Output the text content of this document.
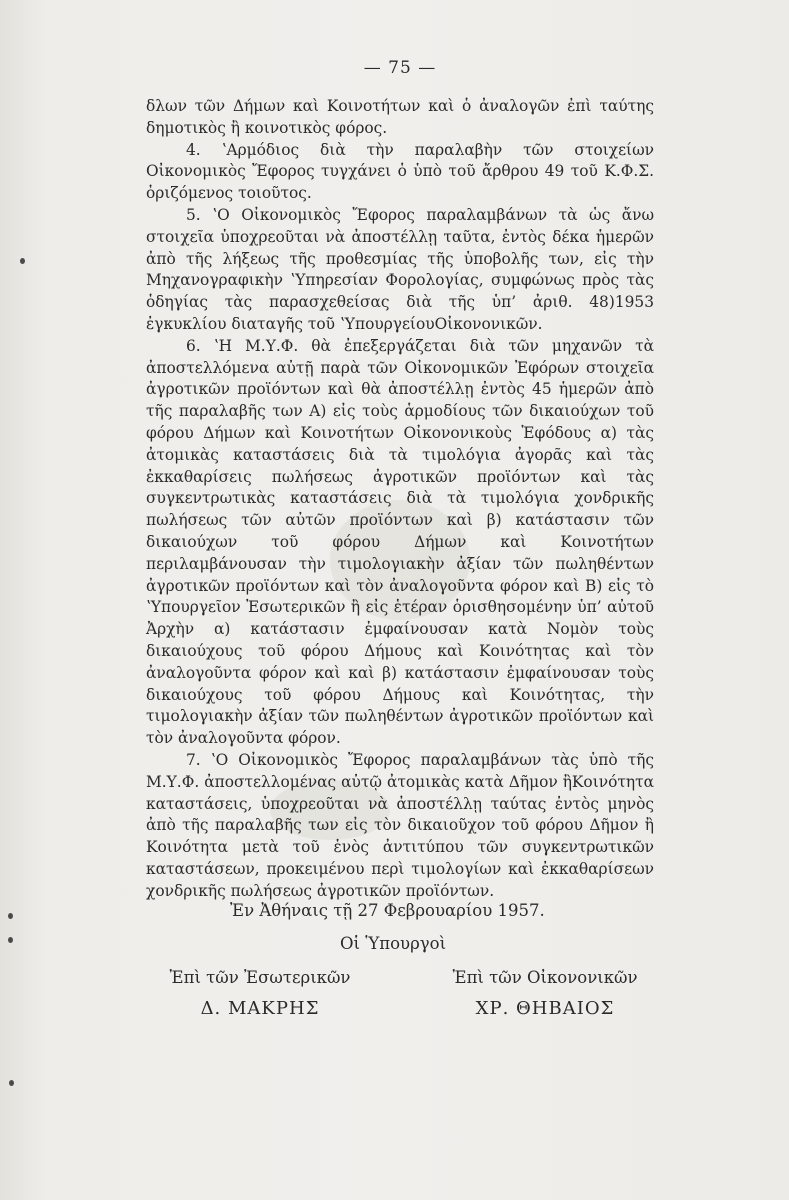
— 75 —

δλων τῶν Δήμων καὶ Κοινοτήτων καὶ ὁ ἀναλογῶν ἐπὶ ταύτης δημοτικὸς ἢ κοινοτικὸς φόρος.

4. ʽΑρμόδιος διὰ τὴν παραλαβὴν τῶν στοιχείων Οἰκονομικὸς Ἔφορος τυγχάνει ὁ ὑπὸ τοῦ ἄρθρου 49 τοῦ Κ.Φ.Σ. ὁριζόμενος τοιοῦτος.

5. ʽΟ Οἰκονομικὸς Ἔφορος παραλαμβάνων τὰ ὡς ἄνω στοιχεῖα ὑποχρεοῦται νὰ ἀποστέλλῃ ταῦτα, ἐντὸς δέκα ἡμερῶν ἀπὸ τῆς λήξεως τῆς προθεσμίας τῆς ὑποβολῆς των, εἰς τὴν Μηχανογραφικὴν ʽΥπηρεσίαν Φορολογίας, συμφώνως πρὸς τὰς ὁδηγίας τὰς παρασχεθείσας διὰ τῆς ὑπ’ ἀριθ. 48)1953 ἐγκυκλίου διαταγῆς τοῦ ʽΥπουργείουΟἰκονονικῶν.

6. ʽΗ Μ.Υ.Φ. θὰ ἐπεξεργάζεται διὰ τῶν μηχανῶν τὰ ἀποστελλόμενα αὐτῇ παρὰ τῶν Οἰκονομικῶν Ἐφόρων στοιχεῖα ἀγροτικῶν προϊόντων καὶ θὰ ἀποστέλλῃ ἐντὸς 45 ἡμερῶν ἀπὸ τῆς παραλαβῆς των Α) εἰς τοὺς ἁρμοδίους τῶν δικαιούχων τοῦ φόρου Δήμων καὶ Κοινοτήτων Οἰκονονικοὺς Ἐφόδους α) τὰς ἀτομικὰς καταστάσεις διὰ τὰ τιμολόγια ἀγορᾶς καὶ τὰς ἐκκαθαρίσεις πωλήσεως ἀγροτικῶν προϊόντων καὶ τὰς συγκεντρωτικὰς καταστάσεις διὰ τὰ τιμολόγια χονδρικῆς πωλήσεως τῶν αὐτῶν προϊόντων καὶ β) κατάστασιν τῶν δικαιούχων τοῦ φόρου Δήμων καὶ Κοινοτήτων περιλαμβάνουσαν τὴν τιμολογιακὴν ἀξίαν τῶν πωληθέντων ἀγροτικῶν προϊόντων καὶ τὸν ἀναλογοῦντα φόρον καὶ Β) εἰς τὸ ʽΥπουργεῖον Ἐσωτερικῶν ἢ εἰς ἑτέραν ὁρισθησομένην ὑπ’ αὐτοῦ Ἀρχὴν α) κατάστασιν ἐμφαίνουσαν κατὰ Νομὸν τοὺς δικαιούχους τοῦ φόρου Δήμους καὶ Κοινότητας καὶ τὸν ἀναλογοῦντα φόρον καὶ καὶ β) κατάστασιν ἐμφαίνουσαν τοὺς δικαιούχους τοῦ φόρου Δήμους καὶ Κοινότητας, τὴν τιμολογιακὴν ἀξίαν τῶν πωληθέντων ἀγροτικῶν προϊόντων καὶ τὸν ἀναλογοῦντα φόρον.

7. ʽΟ Οἰκονομικὸς Ἔφορος παραλαμβάνων τὰς ὑπὸ τῆς Μ.Υ.Φ. ἀποστελλομένας αὐτῷ ἀτομικὰς κατὰ Δῆμον ἢΚοινότητα καταστάσεις, ὑποχρεοῦται νὰ ἀποστέλλῃ ταύτας ἐντὸς μηνὸς ἀπὸ τῆς παραλαβῆς των εἰς τὸν δικαιοῦχον τοῦ φόρου Δῆμον ἢ Κοινότητα μετὰ τοῦ ἑνὸς ἀντιτύπου τῶν συγκεντρωτικῶν καταστάσεων, προκειμένου περὶ τιμολογίων καὶ ἐκκαθαρίσεων χονδρικῆς πωλήσεως ἀγροτικῶν προϊόντων.

Ἐν Ἀθήναις τῇ 27 Φεβρουαρίου 1957.
Οἱ Ὑπουργοὶ
Ἐπὶ τῶν Ἐσωτερικῶν
Δ. ΜΑΚΡΗΣ
Ἐπὶ τῶν Οἰκονονικῶν
ΧΡ. ΘΗΒΑΙΟΣ
